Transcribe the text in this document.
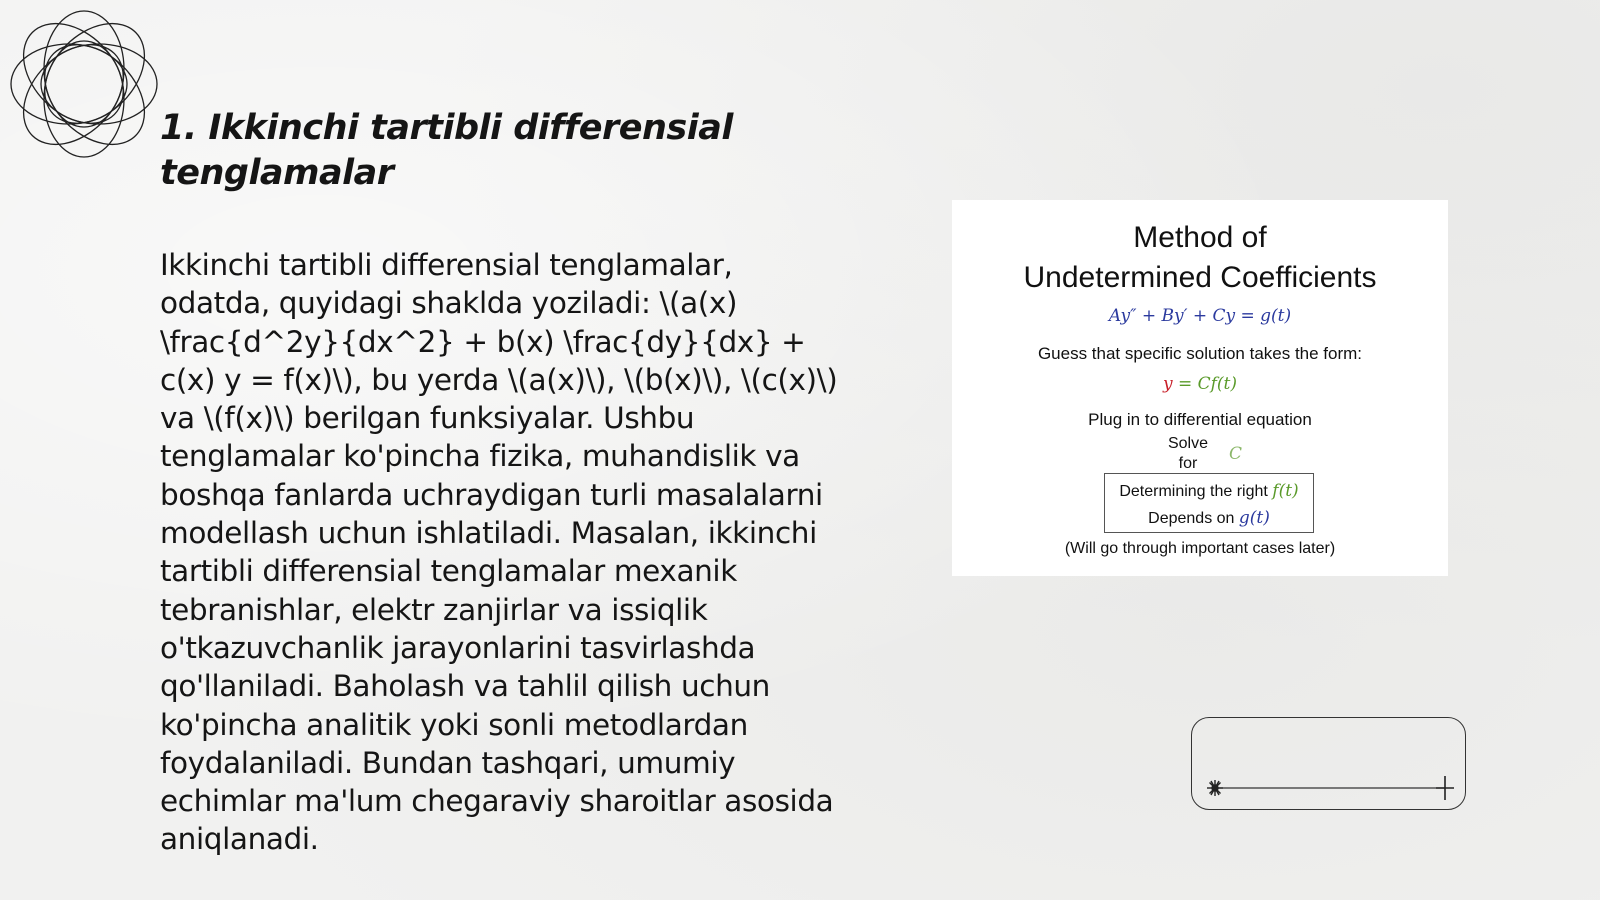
1. Ikkinchi tartibli differensial tenglamalar

Ikkinchi tartibli differensial tenglamalar, odatda, quyidagi shaklda yoziladi: \(a(x) \frac{d^2y}{dx^2} + b(x) \frac{dy}{dx} + c(x) y = f(x)\), bu yerda \(a(x)\), \(b(x)\), \(c(x)\) va \(f(x)\) berilgan funksiyalar. Ushbu tenglamalar ko'pincha fizika, muhandislik va boshqa fanlarda uchraydigan turli masalalarni modellash uchun ishlatiladi. Masalan, ikkinchi tartibli differensial tenglamalar mexanik tebranishlar, elektr zanjirlar va issiqlik o'tkazuvchanlik jarayonlarini tasvirlashda qo'llaniladi. Baholash va tahlil qilish uchun ko'pincha analitik yoki sonli metodlardan foydalaniladi. Bundan tashqari, umumiy echimlar ma'lum chegaraviy sharoitlar asosida aniqlanadi.

Method of
Undetermined Coefficients
Ay″ + By′ + Cy = g(t)
Guess that specific solution takes the form:
y = Cf(t)
Plug in to differential equation
Solve
for	C
Determining the right f(t)
Depends on g(t)
(Will go through important cases later)
